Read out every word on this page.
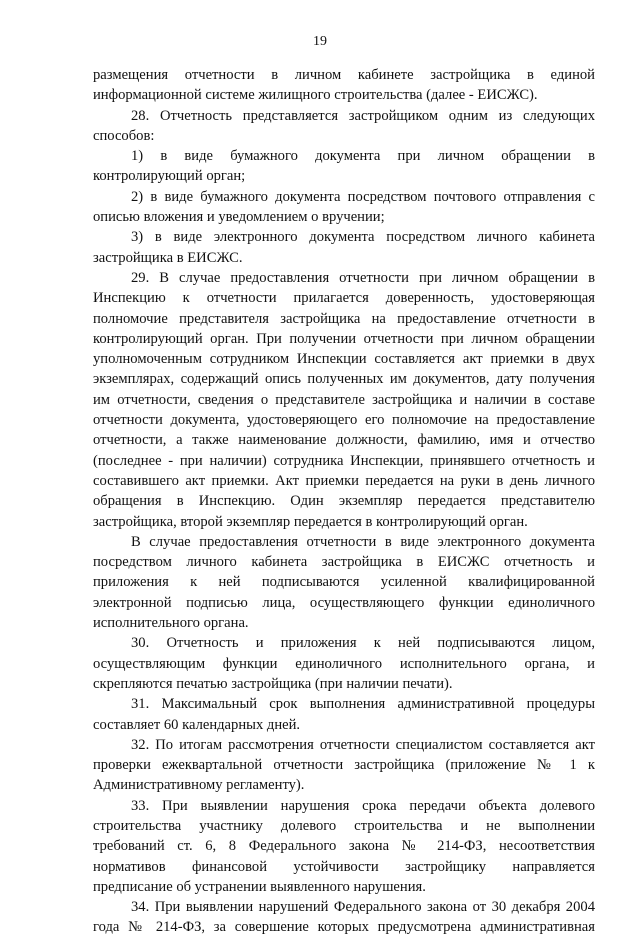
19
размещения отчетности в личном кабинете застройщика в единой
информационной системе жилищного строительства (далее - ЕИСЖС).
28. Отчетность представляется застройщиком одним из следующих
способов:
1) в виде бумажного документа при личном обращении в
контролирующий орган;
2) в виде бумажного документа посредством почтового отправления с
описью вложения и уведомлением о вручении;
3) в виде электронного документа посредством личного кабинета
застройщика в ЕИСЖС.
29. В случае предоставления отчетности при личном обращении в
Инспекцию к отчетности прилагается доверенность, удостоверяющая
полномочие представителя застройщика на предоставление отчетности в
контролирующий орган. При получении отчетности при личном обращении
уполномоченным сотрудником Инспекции составляется акт приемки в двух
экземплярах, содержащий опись полученных им документов, дату получения
им отчетности, сведения о представителе застройщика и наличии в составе
отчетности документа, удостоверяющего его полномочие на предоставление
отчетности, а также наименование должности, фамилию, имя и отчество
(последнее - при наличии) сотрудника Инспекции, принявшего отчетность и
составившего акт приемки. Акт приемки передается на руки в день личного
обращения в Инспекцию. Один экземпляр передается представителю
застройщика, второй экземпляр передается в контролирующий орган.
В случае предоставления отчетности в виде электронного документа
посредством личного кабинета застройщика в ЕИСЖС отчетность и
приложения к ней подписываются усиленной квалифицированной
электронной подписью лица, осуществляющего функции единоличного
исполнительного органа.
30. Отчетность и приложения к ней подписываются лицом,
осуществляющим функции единоличного исполнительного органа, и
скрепляются печатью застройщика (при наличии печати).
31. Максимальный срок выполнения административной процедуры
составляет 60 календарных дней.
32. По итогам рассмотрения отчетности специалистом составляется акт
проверки ежеквартальной отчетности застройщика (приложение № 1 к
Административному регламенту).
33. При выявлении нарушения срока передачи объекта долевого
строительства участнику долевого строительства и не выполнении
требований ст. 6, 8 Федерального закона № 214-ФЗ, несоответствия
нормативов финансовой устойчивости застройщику направляется
предписание об устранении выявленного нарушения.
34. При выявлении нарушений Федерального закона от 30 декабря 2004
года № 214-ФЗ, за совершение которых предусмотрена административная
